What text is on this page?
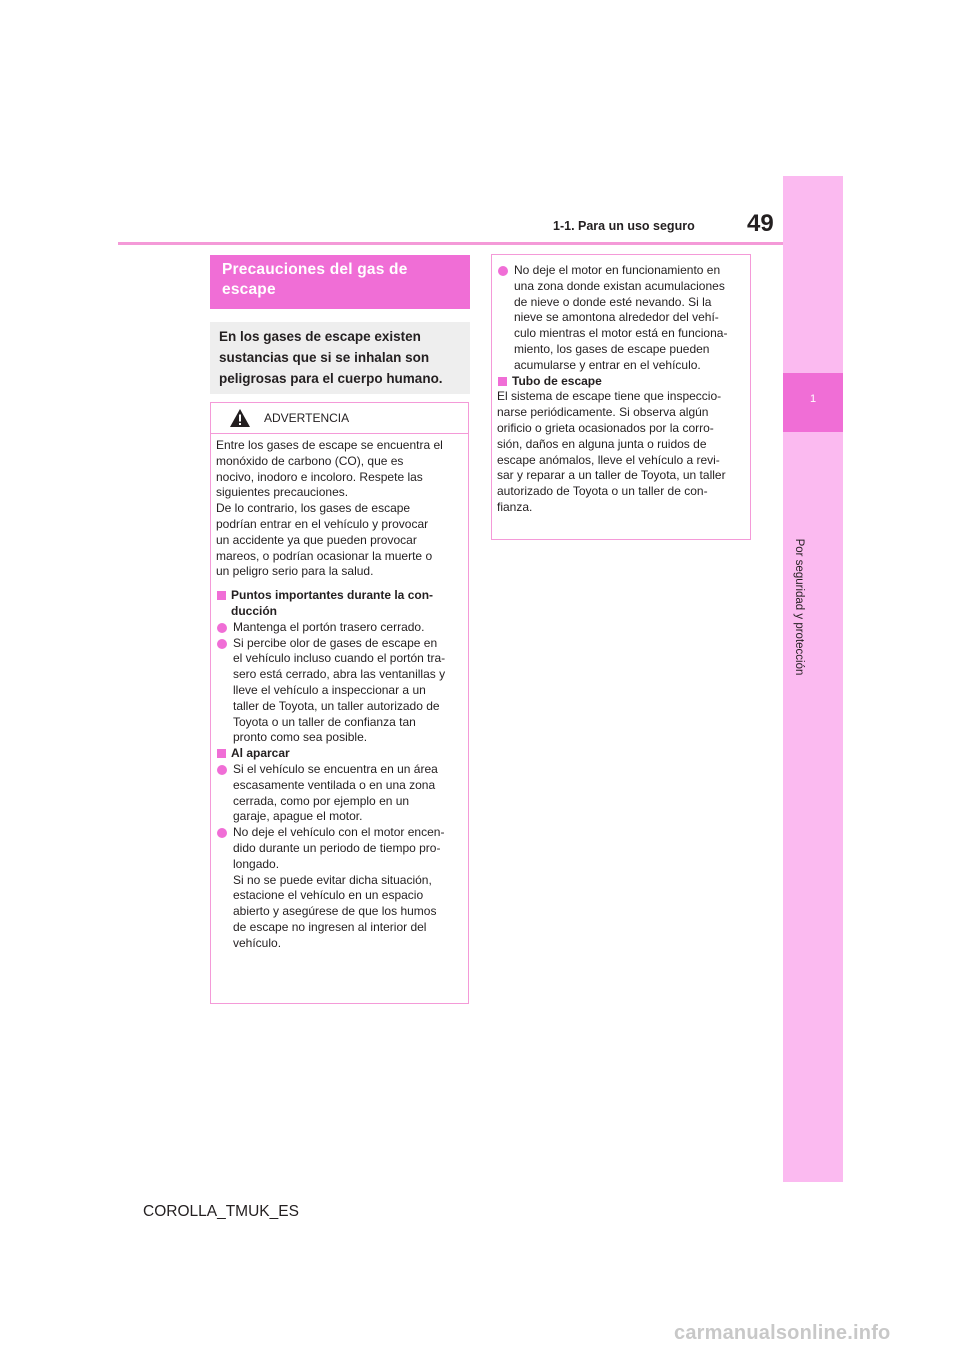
1-1. Para un uso seguro 49
1
Por seguridad y protección
Precauciones del gas de
escape
En los gases de escape existen
sustancias que si se inhalan son
peligrosas para el cuerpo humano.
ADVERTENCIA

Entre los gases de escape se encuentra el
monóxido de carbono (CO), que es
nocivo, inodoro e incoloro. Respete las
siguientes precauciones.
De lo contrario, los gases de escape
podrían entrar en el vehículo y provocar
un accidente ya que pueden provocar
mareos, o podrían ocasionar la muerte o
un peligro serio para la salud.

Puntos importantes durante la con-
ducción

Mantenga el portón trasero cerrado.

Si percibe olor de gases de escape en
el vehículo incluso cuando el portón tra-
sero está cerrado, abra las ventanillas y
lleve el vehículo a inspeccionar a un
taller de Toyota, un taller autorizado de
Toyota o un taller de confianza tan
pronto como sea posible.

Al aparcar

Si el vehículo se encuentra en un área
escasamente ventilada o en una zona
cerrada, como por ejemplo en un
garaje, apague el motor.

No deje el vehículo con el motor encen-
dido durante un periodo de tiempo pro-
longado.
Si no se puede evitar dicha situación,
estacione el vehículo en un espacio
abierto y asegúrese de que los humos
de escape no ingresen al interior del
vehículo.

No deje el motor en funcionamiento en
una zona donde existan acumulaciones
de nieve o donde esté nevando. Si la
nieve se amontona alrededor del vehí-
culo mientras el motor está en funciona-
miento, los gases de escape pueden
acumularse y entrar en el vehículo.

Tubo de escape

El sistema de escape tiene que inspeccio-
narse periódicamente. Si observa algún
orificio o grieta ocasionados por la corro-
sión, daños en alguna junta o ruidos de
escape anómalos, lleve el vehículo a revi-
sar y reparar a un taller de Toyota, un taller
autorizado de Toyota o un taller de con-
fianza.

COROLLA_TMUK_ES
carmanualsonline.info
